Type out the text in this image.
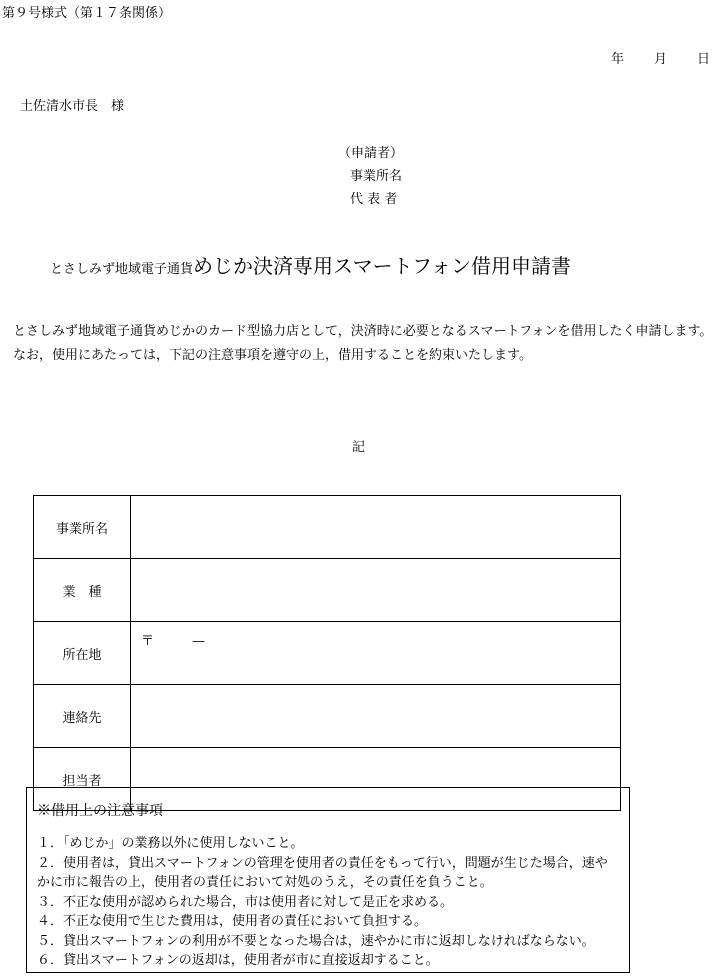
第９号様式（第１７条関係）
年 月 日
土佐清水市長　様
（申請者）
事業所名
代 表 者
とさしみず地域電子通貨めじか決済専用スマートフォン借用申請書

とさしみず地域電子通貨めじかのカード型協力店として，決済時に必要となるスマートフォンを借用したく申請します。

なお，使用にあたっては，下記の注意事項を遵守の上，借用することを約束いたします。

記
事業所名	
業　種	
所在地	〒 —
連絡先	
担当者	
※借用上の注意事項
１．「めじか」の業務以外に使用しないこと。
２．使用者は，貸出スマートフォンの管理を使用者の責任をもって行い，問題が生じた場合，速や
かに市に報告の上，使用者の責任において対処のうえ，その責任を負うこと。
３．不正な使用が認められた場合，市は使用者に対して是正を求める。
４．不正な使用で生じた費用は，使用者の責任において負担する。
５．貸出スマートフォンの利用が不要となった場合は，速やかに市に返却しなければならない。
６．貸出スマートフォンの返却は，使用者が市に直接返却すること。
